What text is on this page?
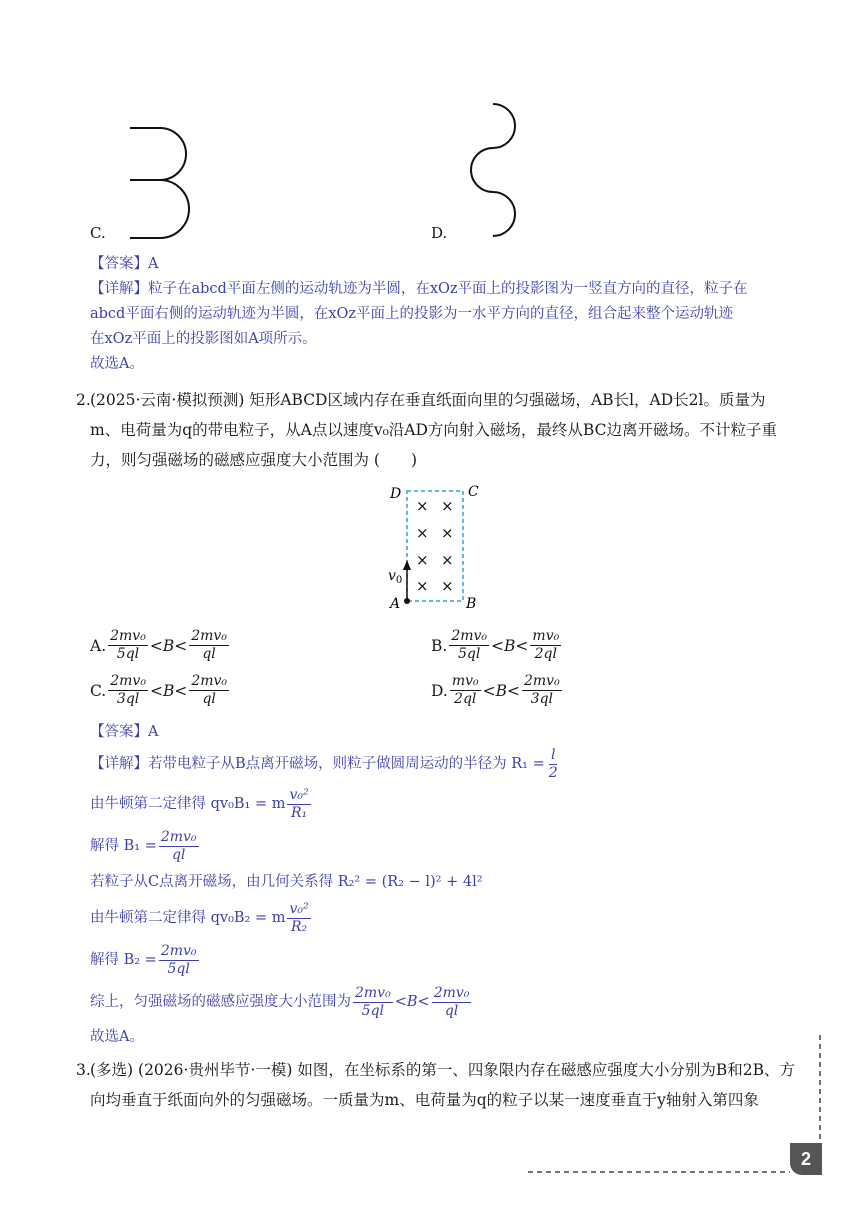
C.	D.
【答案】A
【详解】粒子在abcd平面左侧的运动轨迹为半圆，在xOz平面上的投影图为一竖直方向的直径，粒子在
abcd平面右侧的运动轨迹为半圆，在xOz平面上的投影为一水平方向的直径，组合起来整个运动轨迹
在xOz平面上的投影图如A项所示。
故选A。
2. (2025·云南·模拟预测) 矩形ABCD区域内存在垂直纸面向里的匀强磁场，AB长l，AD长2l。质量为
m、电荷量为q的带电粒子，从A点以速度v₀沿AD方向射入磁场，最终从BC边离开磁场。不计粒子重
力，则匀强磁场的磁感应强度大小范围为 (　　)
D	C
A	B
$v_0$
× ×
× ×
× ×
× ×
A. $\frac{\text{2mv₀}}{5ql} <B< \frac{\text{2mv₀}}{ql}$	B. $\frac{\text{2mv₀}}{5ql} <B< \frac{\text{mv₀}}{2ql}$
C. $\frac{\text{2mv₀}}{3ql} <B< \frac{\text{2mv₀}}{ql}$	D. $\frac{\text{mv₀}}{2ql} <B< \frac{\text{2mv₀}}{3ql}$
【答案】A
【详解】若带电粒子从B点离开磁场，则粒子做圆周运动的半径为 $R_1 = \frac{l}{2}$
由牛顿第二定律得 qv₀B₁ = m $\frac{\text{v₀²}}{\text{R₁}}$
解得 $B_1 = \frac{\text{2mv₀}}{ql}$
若粒子从C点离开磁场，由几何关系得 R₂² = (R₂ − l)² + 4l²
由牛顿第二定律得 qv₀B₂ = m $\frac{\text{v₀²}}{\text{R₂}}$
解得 $B_2 = \frac{\text{2mv₀}}{5ql}$
综上，匀强磁场的磁感应强度大小范围为 $\frac{\text{2mv₀}}{5ql} <B< \frac{\text{2mv₀}}{ql}$
故选A。
3. (多选) (2026·贵州毕节·一模) 如图，在坐标系的第一、四象限内存在磁感应强度大小分别为B和2B、方
向均垂直于纸面向外的匀强磁场。一质量为m、电荷量为q的粒子以某一速度垂直于y轴射入第四象
2
